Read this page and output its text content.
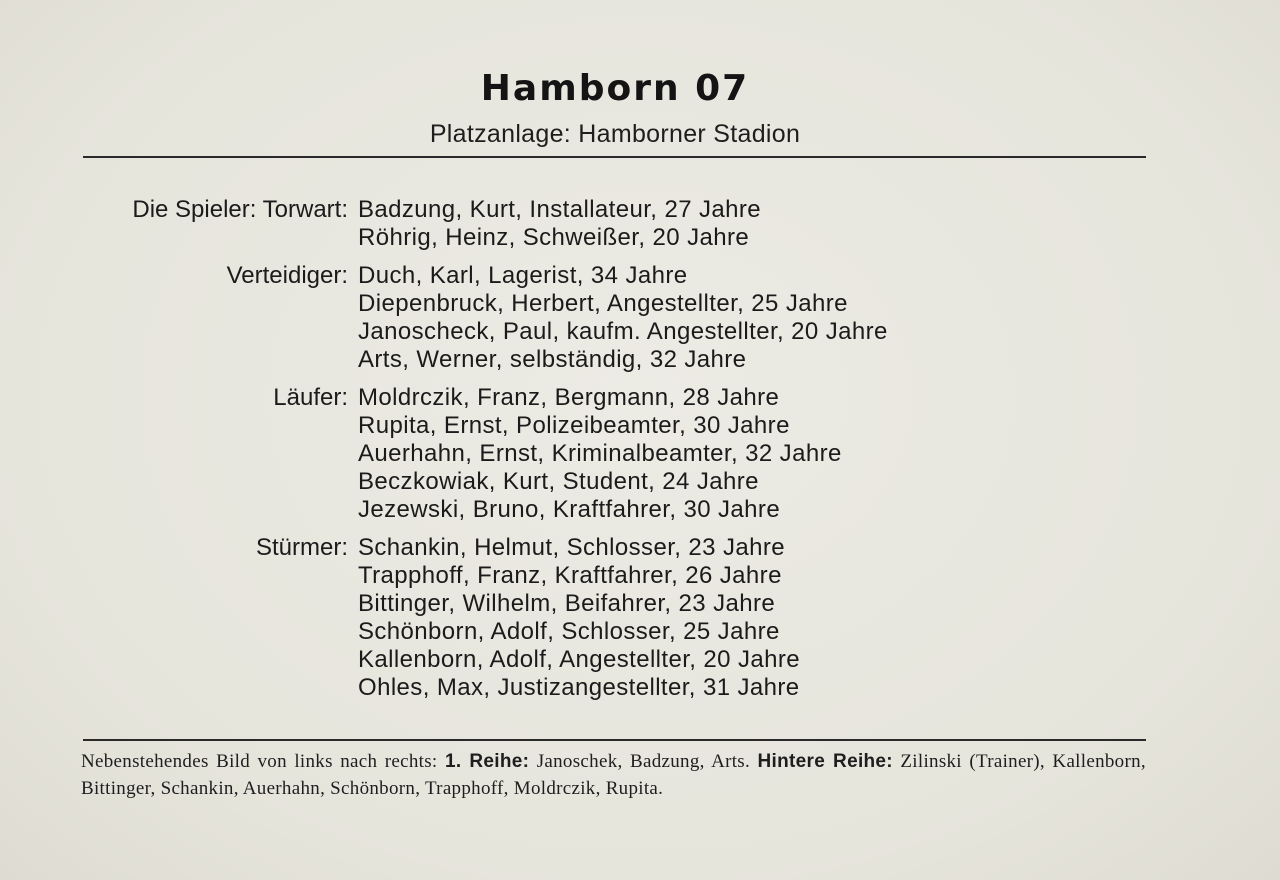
Hamborn 07
Platzanlage: Hamborner Stadion
Die Spieler: Torwart: Badzung, Kurt, Installateur, 27 Jahre
Röhrig, Heinz, Schweißer, 20 Jahre
Verteidiger: Duch, Karl, Lagerist, 34 Jahre
Diepenbruck, Herbert, Angestellter, 25 Jahre
Janoscheck, Paul, kaufm. Angestellter, 20 Jahre
Arts, Werner, selbständig, 32 Jahre
Läufer: Moldrczik, Franz, Bergmann, 28 Jahre
Rupita, Ernst, Polizeibeamter, 30 Jahre
Auerhahn, Ernst, Kriminalbeamter, 32 Jahre
Beczkowiak, Kurt, Student, 24 Jahre
Jezewski, Bruno, Kraftfahrer, 30 Jahre
Stürmer: Schankin, Helmut, Schlosser, 23 Jahre
Trapphoff, Franz, Kraftfahrer, 26 Jahre
Bittinger, Wilhelm, Beifahrer, 23 Jahre
Schönborn, Adolf, Schlosser, 25 Jahre
Kallenborn, Adolf, Angestellter, 20 Jahre
Ohles, Max, Justizangestellter, 31 Jahre
Nebenstehendes Bild von links nach rechts: 1. Reihe: Janoschek, Badzung, Arts. Hintere Reihe: Zilinski (Trainer), Kallenborn, Bittinger, Schankin, Auerhahn, Schönborn, Trapphoff, Moldrczik, Rupita.
